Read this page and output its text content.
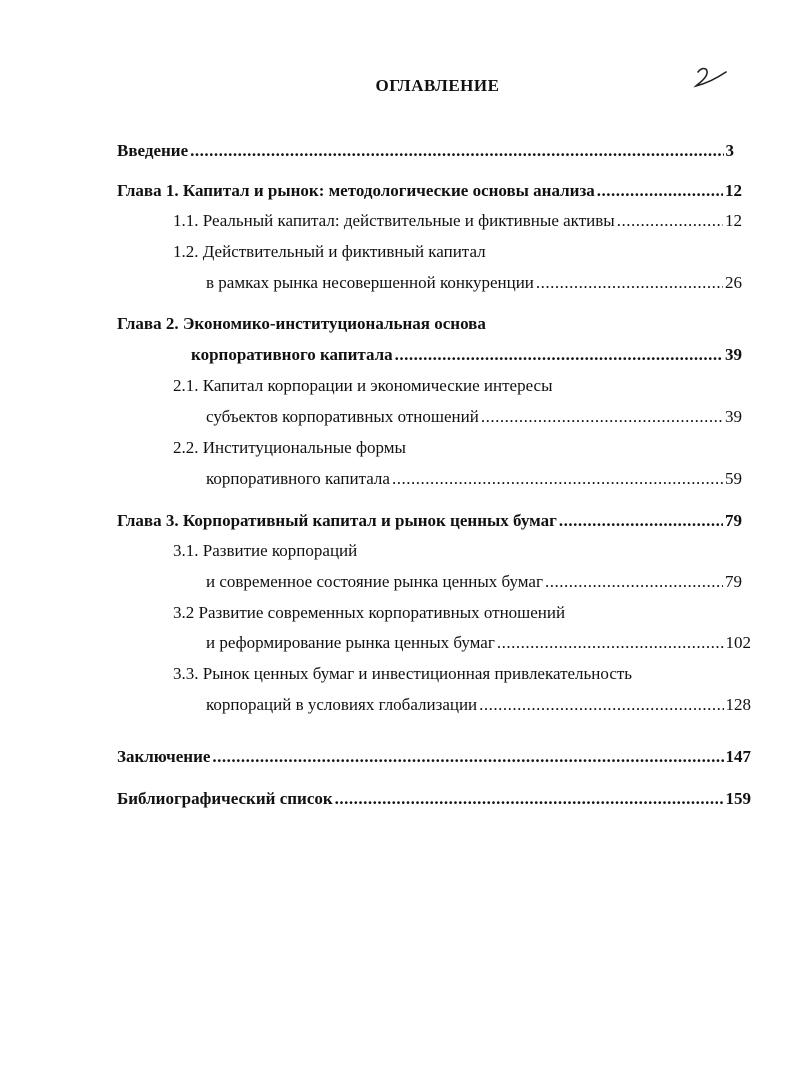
ОГЛАВЛЕНИЕ
Введение .....	3
Глава 1. Капитал и рынок: методологические основы анализа .....	12
1.1. Реальный капитал: действительные и фиктивные активы .....	12
1.2. Действительный и фиктивный капитал
в рамках рынка несовершенной конкуренции .....	26
Глава 2. Экономико-институциональная основа
корпоративного капитала .....	39
2.1. Капитал корпорации и экономические интересы
субъектов корпоративных отношений .....	39
2.2. Институциональные формы
корпоративного капитала .....	59
Глава 3. Корпоративный капитал и рынок ценных бумаг .....	79
3.1. Развитие корпораций
и современное состояние рынка ценных бумаг .....	79
3.2 Развитие современных корпоративных отношений
и реформирование рынка ценных бумаг .....	102
3.3. Рынок ценных бумаг и инвестиционная привлекательность
корпораций в условиях глобализации .....	128
Заключение .....	147
Библиографический список .....	159
